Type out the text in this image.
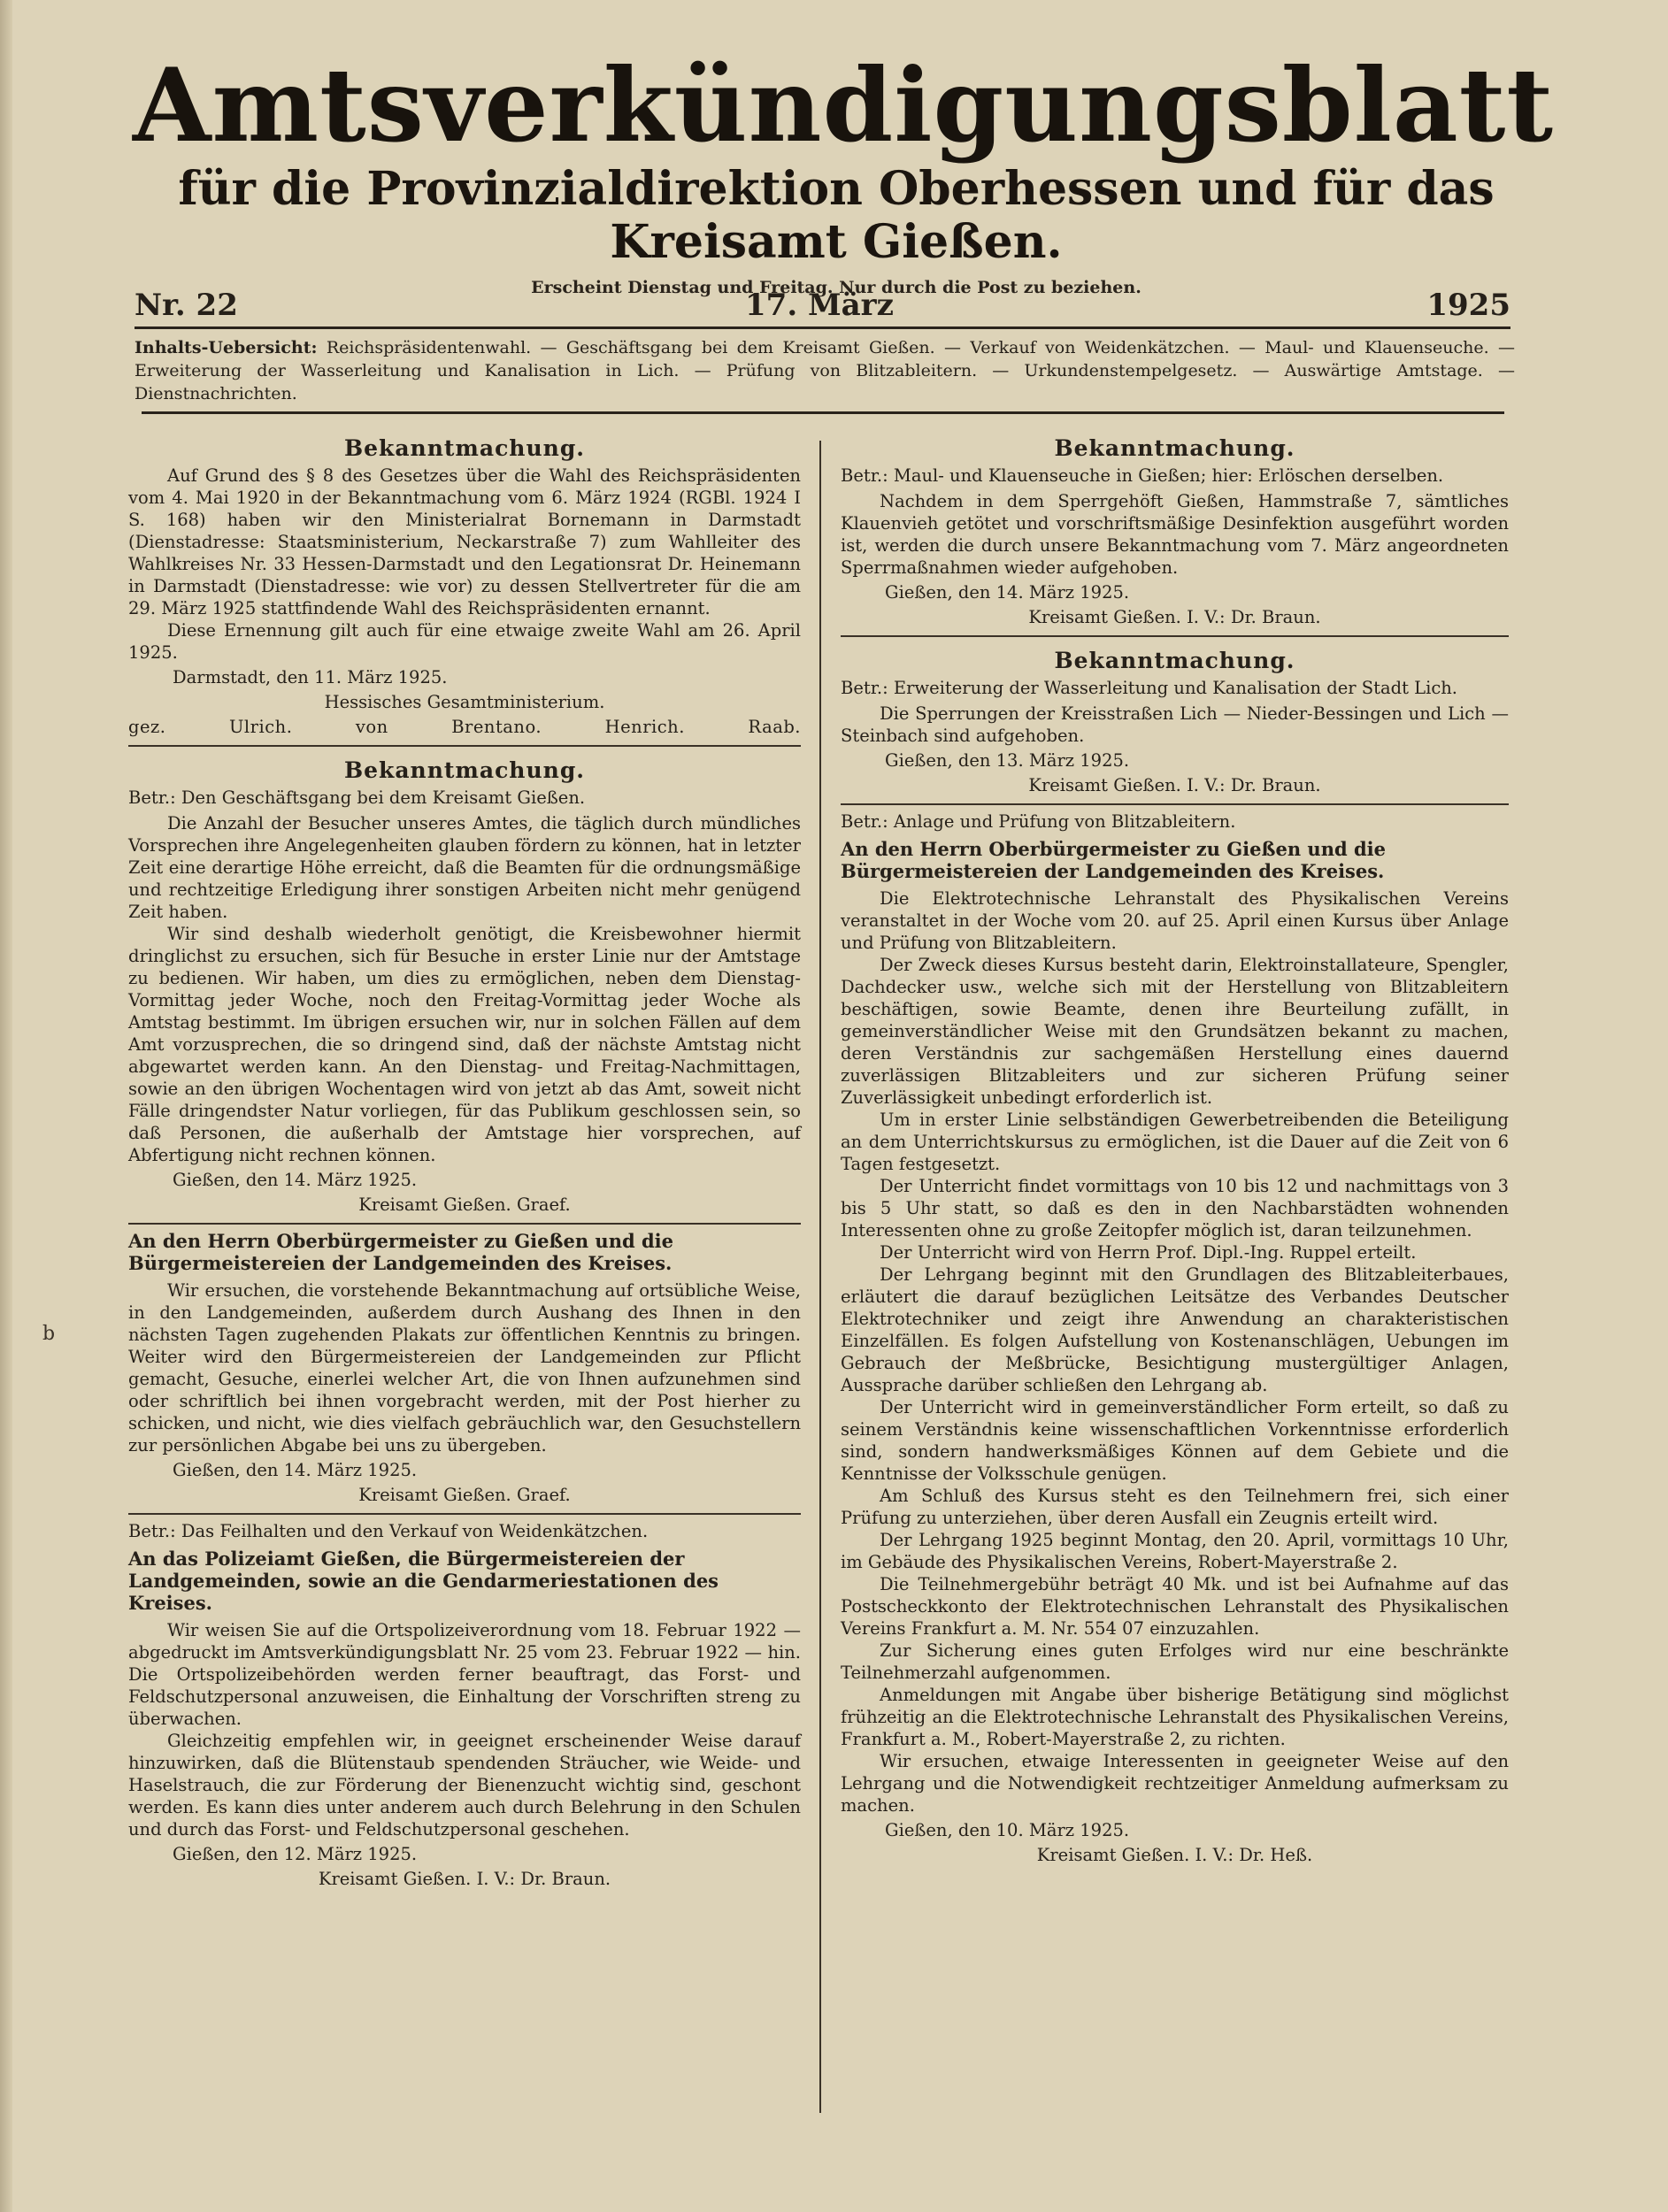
b
Amtsverkündigungsblatt
für die Provinzialdirektion Oberhessen und für das Kreisamt Gießen.
Erscheint Dienstag und Freitag. Nur durch die Post zu beziehen.
Nr. 22	17. März	1925
Inhalts-Uebersicht: Reichspräsidentenwahl. — Geschäftsgang bei dem Kreisamt Gießen. — Verkauf von Weidenkätzchen. — Maul- und Klauenseuche. — Erweiterung der Wasserleitung und Kanalisation in Lich. — Prüfung von Blitzableitern. — Urkundenstempelgesetz. — Auswärtige Amtstage. — Dienstnachrichten.
Bekanntmachung.

Auf Grund des § 8 des Gesetzes über die Wahl des Reichspräsidenten vom 4. Mai 1920 in der Bekanntmachung vom 6. März 1924 (RGBl. 1924 I S. 168) haben wir den Ministerialrat Bornemann in Darmstadt (Dienstadresse: Staatsministerium, Neckarstraße 7) zum Wahlleiter des Wahlkreises Nr. 33 Hessen-Darmstadt und den Legationsrat Dr. Heinemann in Darmstadt (Dienstadresse: wie vor) zu dessen Stellvertreter für die am 29. März 1925 stattfindende Wahl des Reichspräsidenten ernannt.

Diese Ernennung gilt auch für eine etwaige zweite Wahl am 26. April 1925.

Darmstadt, den 11. März 1925.
Hessisches Gesamtministerium.
gez. Ulrich. von Brentano. Henrich. Raab.
Bekanntmachung.
Betr.: Den Geschäftsgang bei dem Kreisamt Gießen.

Die Anzahl der Besucher unseres Amtes, die täglich durch mündliches Vorsprechen ihre Angelegenheiten glauben fördern zu können, hat in letzter Zeit eine derartige Höhe erreicht, daß die Beamten für die ordnungsmäßige und rechtzeitige Erledigung ihrer sonstigen Arbeiten nicht mehr genügend Zeit haben.

Wir sind deshalb wiederholt genötigt, die Kreisbewohner hiermit dringlichst zu ersuchen, sich für Besuche in erster Linie nur der Amtstage zu bedienen. Wir haben, um dies zu ermöglichen, neben dem Dienstag-Vormittag jeder Woche, noch den Freitag-Vormittag jeder Woche als Amtstag bestimmt. Im übrigen ersuchen wir, nur in solchen Fällen auf dem Amt vorzusprechen, die so dringend sind, daß der nächste Amtstag nicht abgewartet werden kann. An den Dienstag- und Freitag-Nachmittagen, sowie an den übrigen Wochentagen wird von jetzt ab das Amt, soweit nicht Fälle dringendster Natur vorliegen, für das Publikum geschlossen sein, so daß Personen, die außerhalb der Amtstage hier vorsprechen, auf Abfertigung nicht rechnen können.

Gießen, den 14. März 1925.
Kreisamt Gießen. Graef.
An den Herrn Oberbürgermeister zu Gießen und die Bürgermeistereien der Landgemeinden des Kreises.

Wir ersuchen, die vorstehende Bekanntmachung auf ortsübliche Weise, in den Landgemeinden, außerdem durch Aushang des Ihnen in den nächsten Tagen zugehenden Plakats zur öffentlichen Kenntnis zu bringen. Weiter wird den Bürgermeistereien der Landgemeinden zur Pflicht gemacht, Gesuche, einerlei welcher Art, die von Ihnen aufzunehmen sind oder schriftlich bei ihnen vorgebracht werden, mit der Post hierher zu schicken, und nicht, wie dies vielfach gebräuchlich war, den Gesuchstellern zur persönlichen Abgabe bei uns zu übergeben.

Gießen, den 14. März 1925.
Kreisamt Gießen. Graef.
Betr.: Das Feilhalten und den Verkauf von Weidenkätzchen.
An das Polizeiamt Gießen, die Bürgermeistereien der Landgemeinden, sowie an die Gendarmeriestationen des Kreises.

Wir weisen Sie auf die Ortspolizeiverordnung vom 18. Februar 1922 — abgedruckt im Amtsverkündigungsblatt Nr. 25 vom 23. Februar 1922 — hin. Die Ortspolizeibehörden werden ferner beauftragt, das Forst- und Feldschutzpersonal anzuweisen, die Einhaltung der Vorschriften streng zu überwachen.

Gleichzeitig empfehlen wir, in geeignet erscheinender Weise darauf hinzuwirken, daß die Blütenstaub spendenden Sträucher, wie Weide- und Haselstrauch, die zur Förderung der Bienenzucht wichtig sind, geschont werden. Es kann dies unter anderem auch durch Belehrung in den Schulen und durch das Forst- und Feldschutzpersonal geschehen.

Gießen, den 12. März 1925.
Kreisamt Gießen. I. V.: Dr. Braun.
Bekanntmachung.
Betr.: Maul- und Klauenseuche in Gießen; hier: Erlöschen derselben.

Nachdem in dem Sperrgehöft Gießen, Hammstraße 7, sämtliches Klauenvieh getötet und vorschriftsmäßige Desinfektion ausgeführt worden ist, werden die durch unsere Bekanntmachung vom 7. März angeordneten Sperrmaßnahmen wieder aufgehoben.

Gießen, den 14. März 1925.
Kreisamt Gießen. I. V.: Dr. Braun.
Bekanntmachung.
Betr.: Erweiterung der Wasserleitung und Kanalisation der Stadt Lich.

Die Sperrungen der Kreisstraßen Lich — Nieder-Bessingen und Lich — Steinbach sind aufgehoben.

Gießen, den 13. März 1925.
Kreisamt Gießen. I. V.: Dr. Braun.
Betr.: Anlage und Prüfung von Blitzableitern.
An den Herrn Oberbürgermeister zu Gießen und die Bürgermeistereien der Landgemeinden des Kreises.

Die Elektrotechnische Lehranstalt des Physikalischen Vereins veranstaltet in der Woche vom 20. auf 25. April einen Kursus über Anlage und Prüfung von Blitzableitern.

Der Zweck dieses Kursus besteht darin, Elektroinstallateure, Spengler, Dachdecker usw., welche sich mit der Herstellung von Blitzableitern beschäftigen, sowie Beamte, denen ihre Beurteilung zufällt, in gemeinverständlicher Weise mit den Grundsätzen bekannt zu machen, deren Verständnis zur sachgemäßen Herstellung eines dauernd zuverlässigen Blitzableiters und zur sicheren Prüfung seiner Zuverlässigkeit unbedingt erforderlich ist.

Um in erster Linie selbständigen Gewerbetreibenden die Beteiligung an dem Unterrichtskursus zu ermöglichen, ist die Dauer auf die Zeit von 6 Tagen festgesetzt.

Der Unterricht findet vormittags von 10 bis 12 und nachmittags von 3 bis 5 Uhr statt, so daß es den in den Nachbarstädten wohnenden Interessenten ohne zu große Zeitopfer möglich ist, daran teilzunehmen.

Der Unterricht wird von Herrn Prof. Dipl.-Ing. Ruppel erteilt.

Der Lehrgang beginnt mit den Grundlagen des Blitzableiterbaues, erläutert die darauf bezüglichen Leitsätze des Verbandes Deutscher Elektrotechniker und zeigt ihre Anwendung an charakteristischen Einzelfällen. Es folgen Aufstellung von Kostenanschlägen, Uebungen im Gebrauch der Meßbrücke, Besichtigung mustergültiger Anlagen, Aussprache darüber schließen den Lehrgang ab.

Der Unterricht wird in gemeinverständlicher Form erteilt, so daß zu seinem Verständnis keine wissenschaftlichen Vorkenntnisse erforderlich sind, sondern handwerksmäßiges Können auf dem Gebiete und die Kenntnisse der Volksschule genügen.

Am Schluß des Kursus steht es den Teilnehmern frei, sich einer Prüfung zu unterziehen, über deren Ausfall ein Zeugnis erteilt wird.

Der Lehrgang 1925 beginnt Montag, den 20. April, vormittags 10 Uhr, im Gebäude des Physikalischen Vereins, Robert-Mayerstraße 2.

Die Teilnehmergebühr beträgt 40 Mk. und ist bei Aufnahme auf das Postscheckkonto der Elektrotechnischen Lehranstalt des Physikalischen Vereins Frankfurt a. M. Nr. 554 07 einzuzahlen.

Zur Sicherung eines guten Erfolges wird nur eine beschränkte Teilnehmerzahl aufgenommen.

Anmeldungen mit Angabe über bisherige Betätigung sind möglichst frühzeitig an die Elektrotechnische Lehranstalt des Physikalischen Vereins, Frankfurt a. M., Robert-Mayerstraße 2, zu richten.

Wir ersuchen, etwaige Interessenten in geeigneter Weise auf den Lehrgang und die Notwendigkeit rechtzeitiger Anmeldung aufmerksam zu machen.

Gießen, den 10. März 1925.
Kreisamt Gießen. I. V.: Dr. Heß.
